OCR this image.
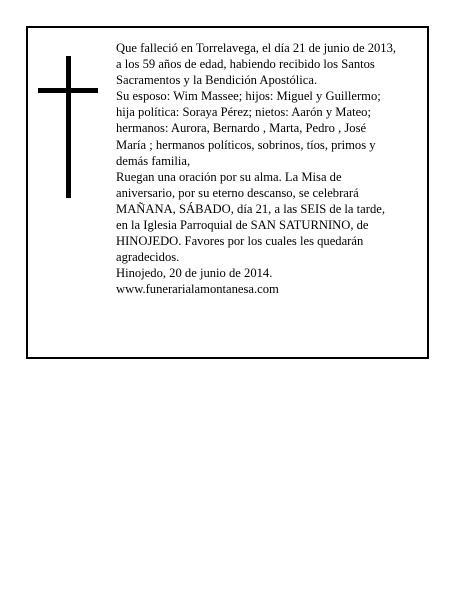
Que falleció en Torrelavega, el día 21 de junio de 2013,
a los 59 años de edad, habiendo recibido los Santos
Sacramentos y la Bendición Apostólica.

Su esposo: Wim Massee; hijos: Miguel y Guillermo;
hija política: Soraya Pérez; nietos: Aarón y Mateo;
hermanos: Aurora, Bernardo , Marta, Pedro , José
María ; hermanos políticos, sobrinos, tíos, primos y
demás familia,

Ruegan una oración por su alma. La Misa de
aniversario, por su eterno descanso, se celebrará
MAÑANA, SÁBADO, día 21, a las SEIS de la tarde,
en la Iglesia Parroquial de SAN SATURNINO, de
HINOJEDO. Favores por los cuales les quedarán
agradecidos.

Hinojedo, 20 de junio de 2014.

www.funerarialamontanesa.com
